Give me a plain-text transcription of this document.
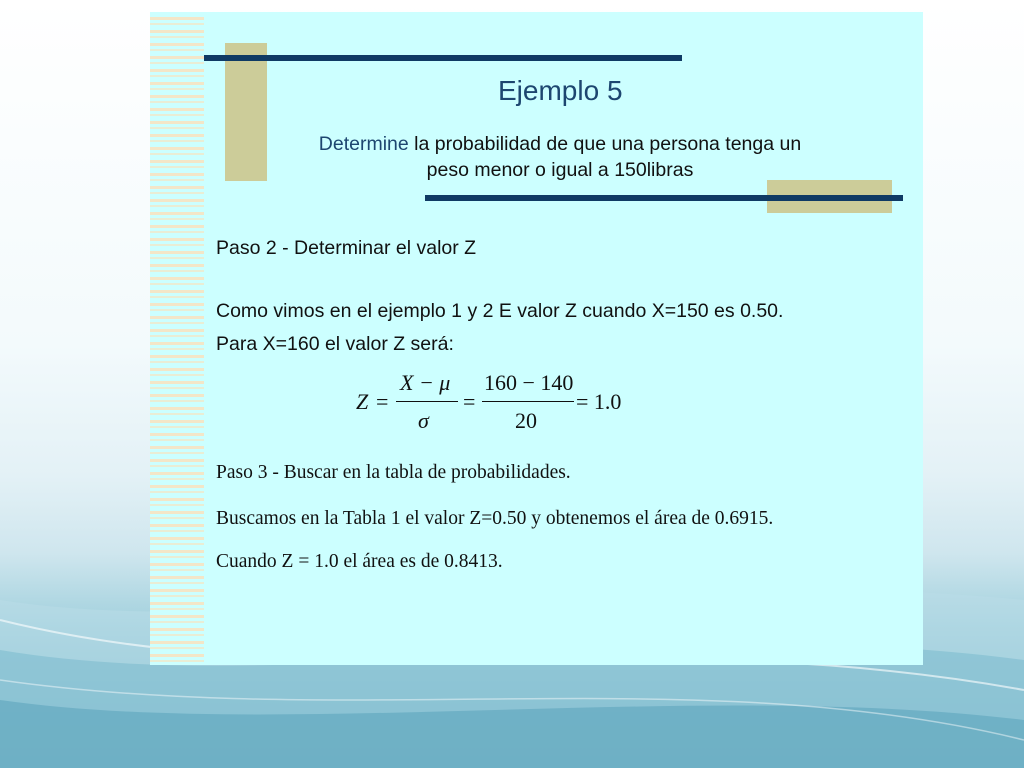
Ejemplo 5
Determine la probabilidad de que una persona tenga un
peso menor o igual a 150libras
Paso 2 - Determinar el valor Z
Como vimos en el ejemplo 1 y 2 E valor Z cuando X=150 es 0.50.
Para X=160 el valor Z será:
Z =
X − μ
σ
=
160 − 140
20
= 1.0
Paso 3 - Buscar en la tabla de probabilidades.
Buscamos en la Tabla 1 el valor Z=0.50 y obtenemos el área de 0.6915.
Cuando Z = 1.0 el área es de 0.8413.
